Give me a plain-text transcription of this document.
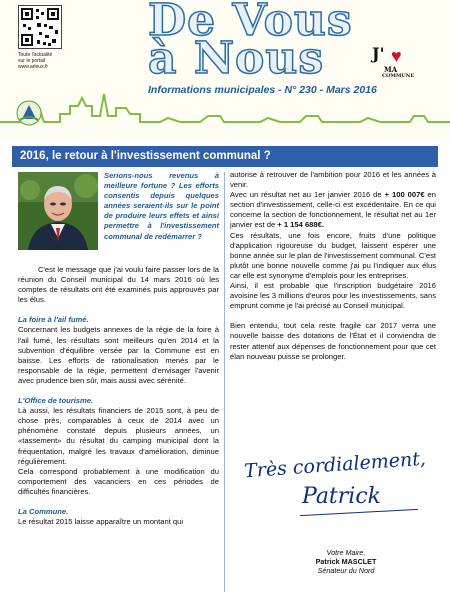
Toute l'actualité
sur le portail
www.arleux.fr
De Vous
à Nous	J' ♥
MA
COMMUNE
Informations municipales - N° 230 - Mars 2016
2016, le retour à l'investissement communal ?
Serions-nous revenus à meilleure fortune ? Les efforts consentis depuis quelques années seraient-ils sur le point de produire leurs effets et ainsi permettre à l'investissement communal de redémarrer ?

C'est le message que j'ai voulu faire passer lors de la réunion du Conseil municipal du 14 mars 2016 où les comptes de résultats ont été examinés puis approuvés par les élus.

La foire à l'ail fumé.

Concernant les budgets annexes de la régie de la foire à l'ail fumé, les résultats sont meilleurs qu'en 2014 et la subvention d'équilibre versée par la Commune est en baisse. Les efforts de rationalisation menés par le responsable de la régie, permettent d'envisager l'avenir avec prudence bien sûr, mais aussi avec sérénité.

L'Office de tourisme.

Là aussi, les résultats financiers de 2015 sont, à peu de chose près, comparables à ceux de 2014 avec un phénomène constaté depuis plusieurs années, un «tassement» du résultat du camping municipal dont la fréquentation, malgré les travaux d'amélioration, diminue régulièrement.

Cela correspond probablement à une modification du comportement des vacanciers en ces périodes de difficultés financières.

La Commune.

Le résultat 2015 laisse apparaître un montant qui

autorise à retrouver de l'ambition pour 2016 et les années à venir.

Avec un résultat net au 1er janvier 2016 de + 100 007€ en section d'investissement, celle-ci est excédentaire. En ce qui concerne la section de fonctionnement, le résultat net au 1er janvier est de + 1 154 688€.

Ces résultats, une fois encore, fruits d'une politique d'application rigoureuse du budget, laissent espérer une bonne année sur le plan de l'investissement communal. C'est plutôt une bonne nouvelle comme j'ai pu l'indiquer aux élus car elle est synonyme d'emplois pour les entreprises.

Ainsi, il est probable que l'inscription budgétaire 2016 avoisine les 3 millions d'euros pour les investissements, sans emprunt comme je l'ai précisé au Conseil municipal.

Bien entendu, tout cela reste fragile car 2017 verra une nouvelle baisse des dotations de l'État et il conviendra de rester attentif aux dépenses de fonctionnement pour que cet élan nouveau puisse se prolonger.

Très cordialement,
Patrick
Votre Maire,
Patrick MASCLET
Sénateur du Nord
